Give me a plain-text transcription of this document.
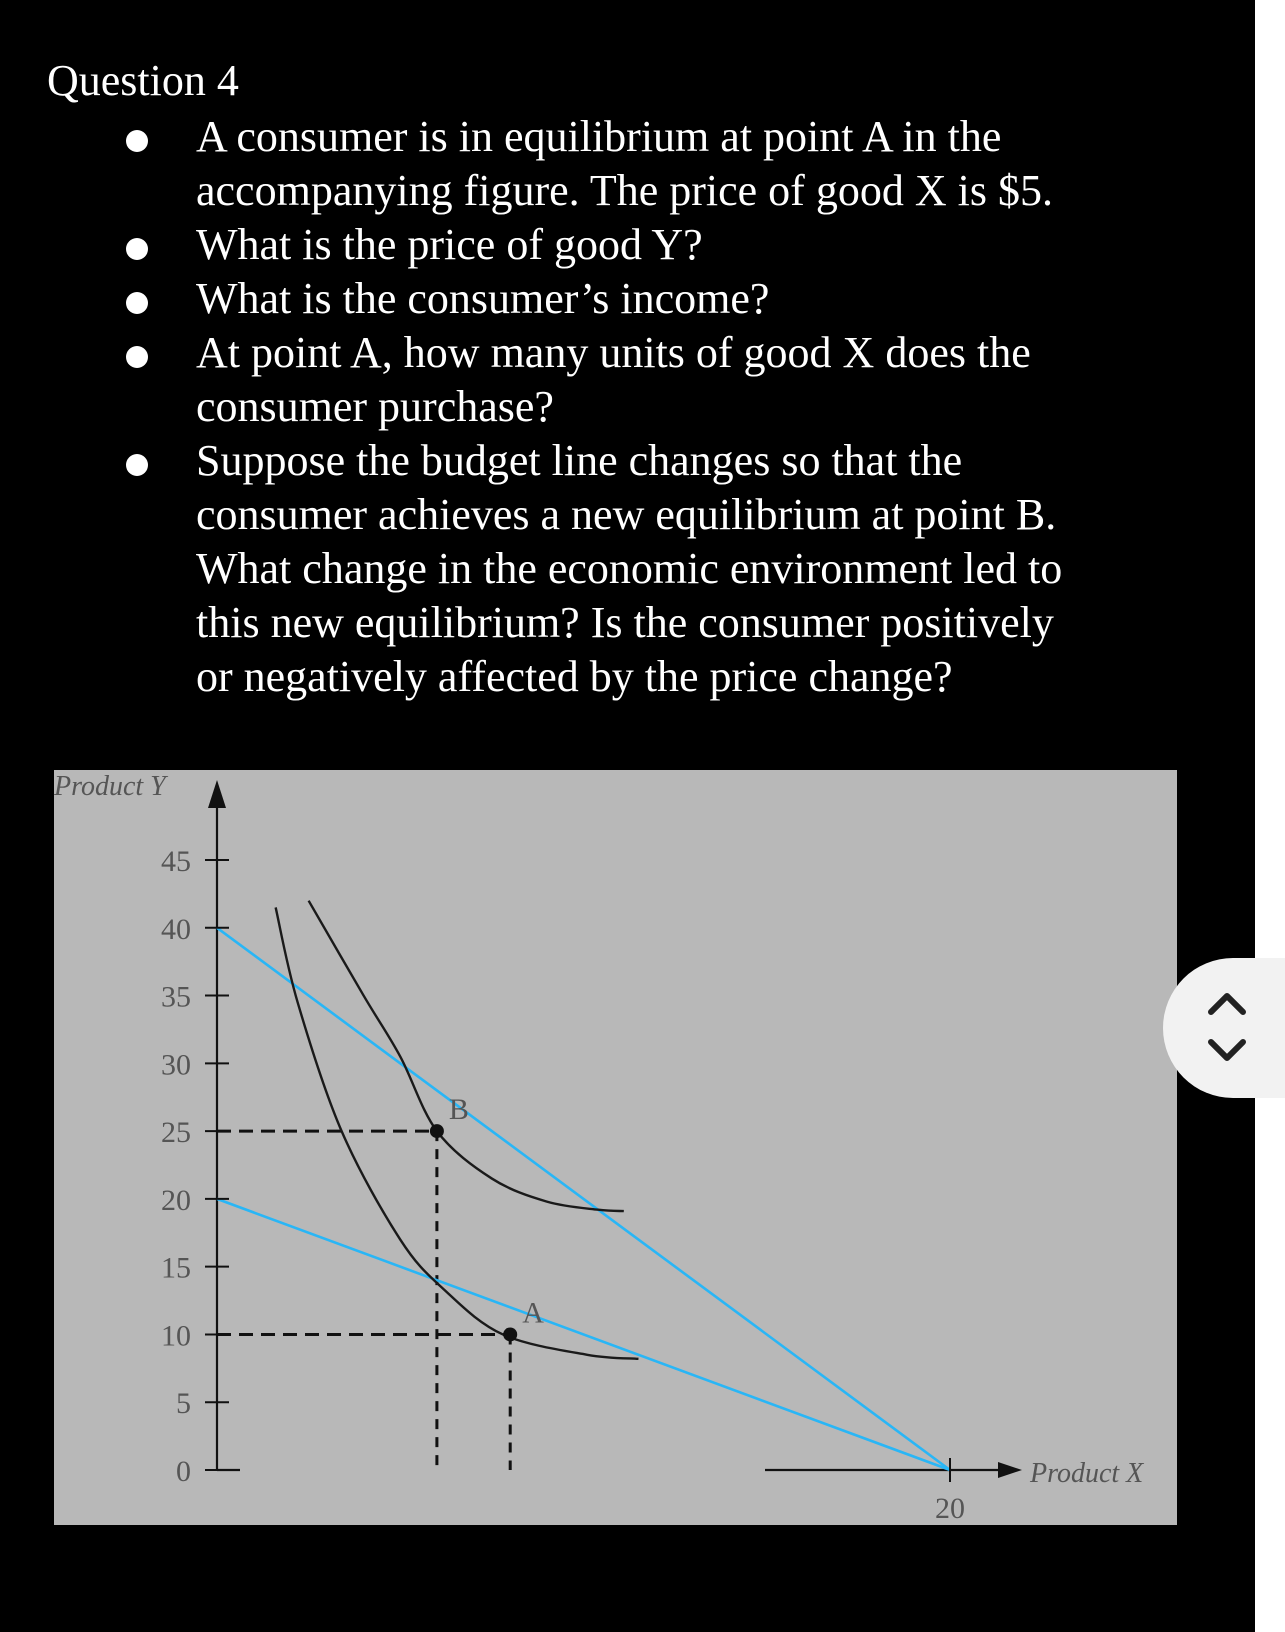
Question 4
A consumer is in equilibrium at point A in the
accompanying figure. The price of good X is $5.
What is the price of good Y?
What is the consumer’s income?
At point A, how many units of good X does the
consumer purchase?
Suppose the budget line changes so that the
consumer achieves a new equilibrium at point B.
What change in the economic environment led to
this new equilibrium? Is the consumer positively
or negatively affected by the price change?
0
5
10
15
20
25
30
35
40
45
20
A
B
Product Y
Product X
